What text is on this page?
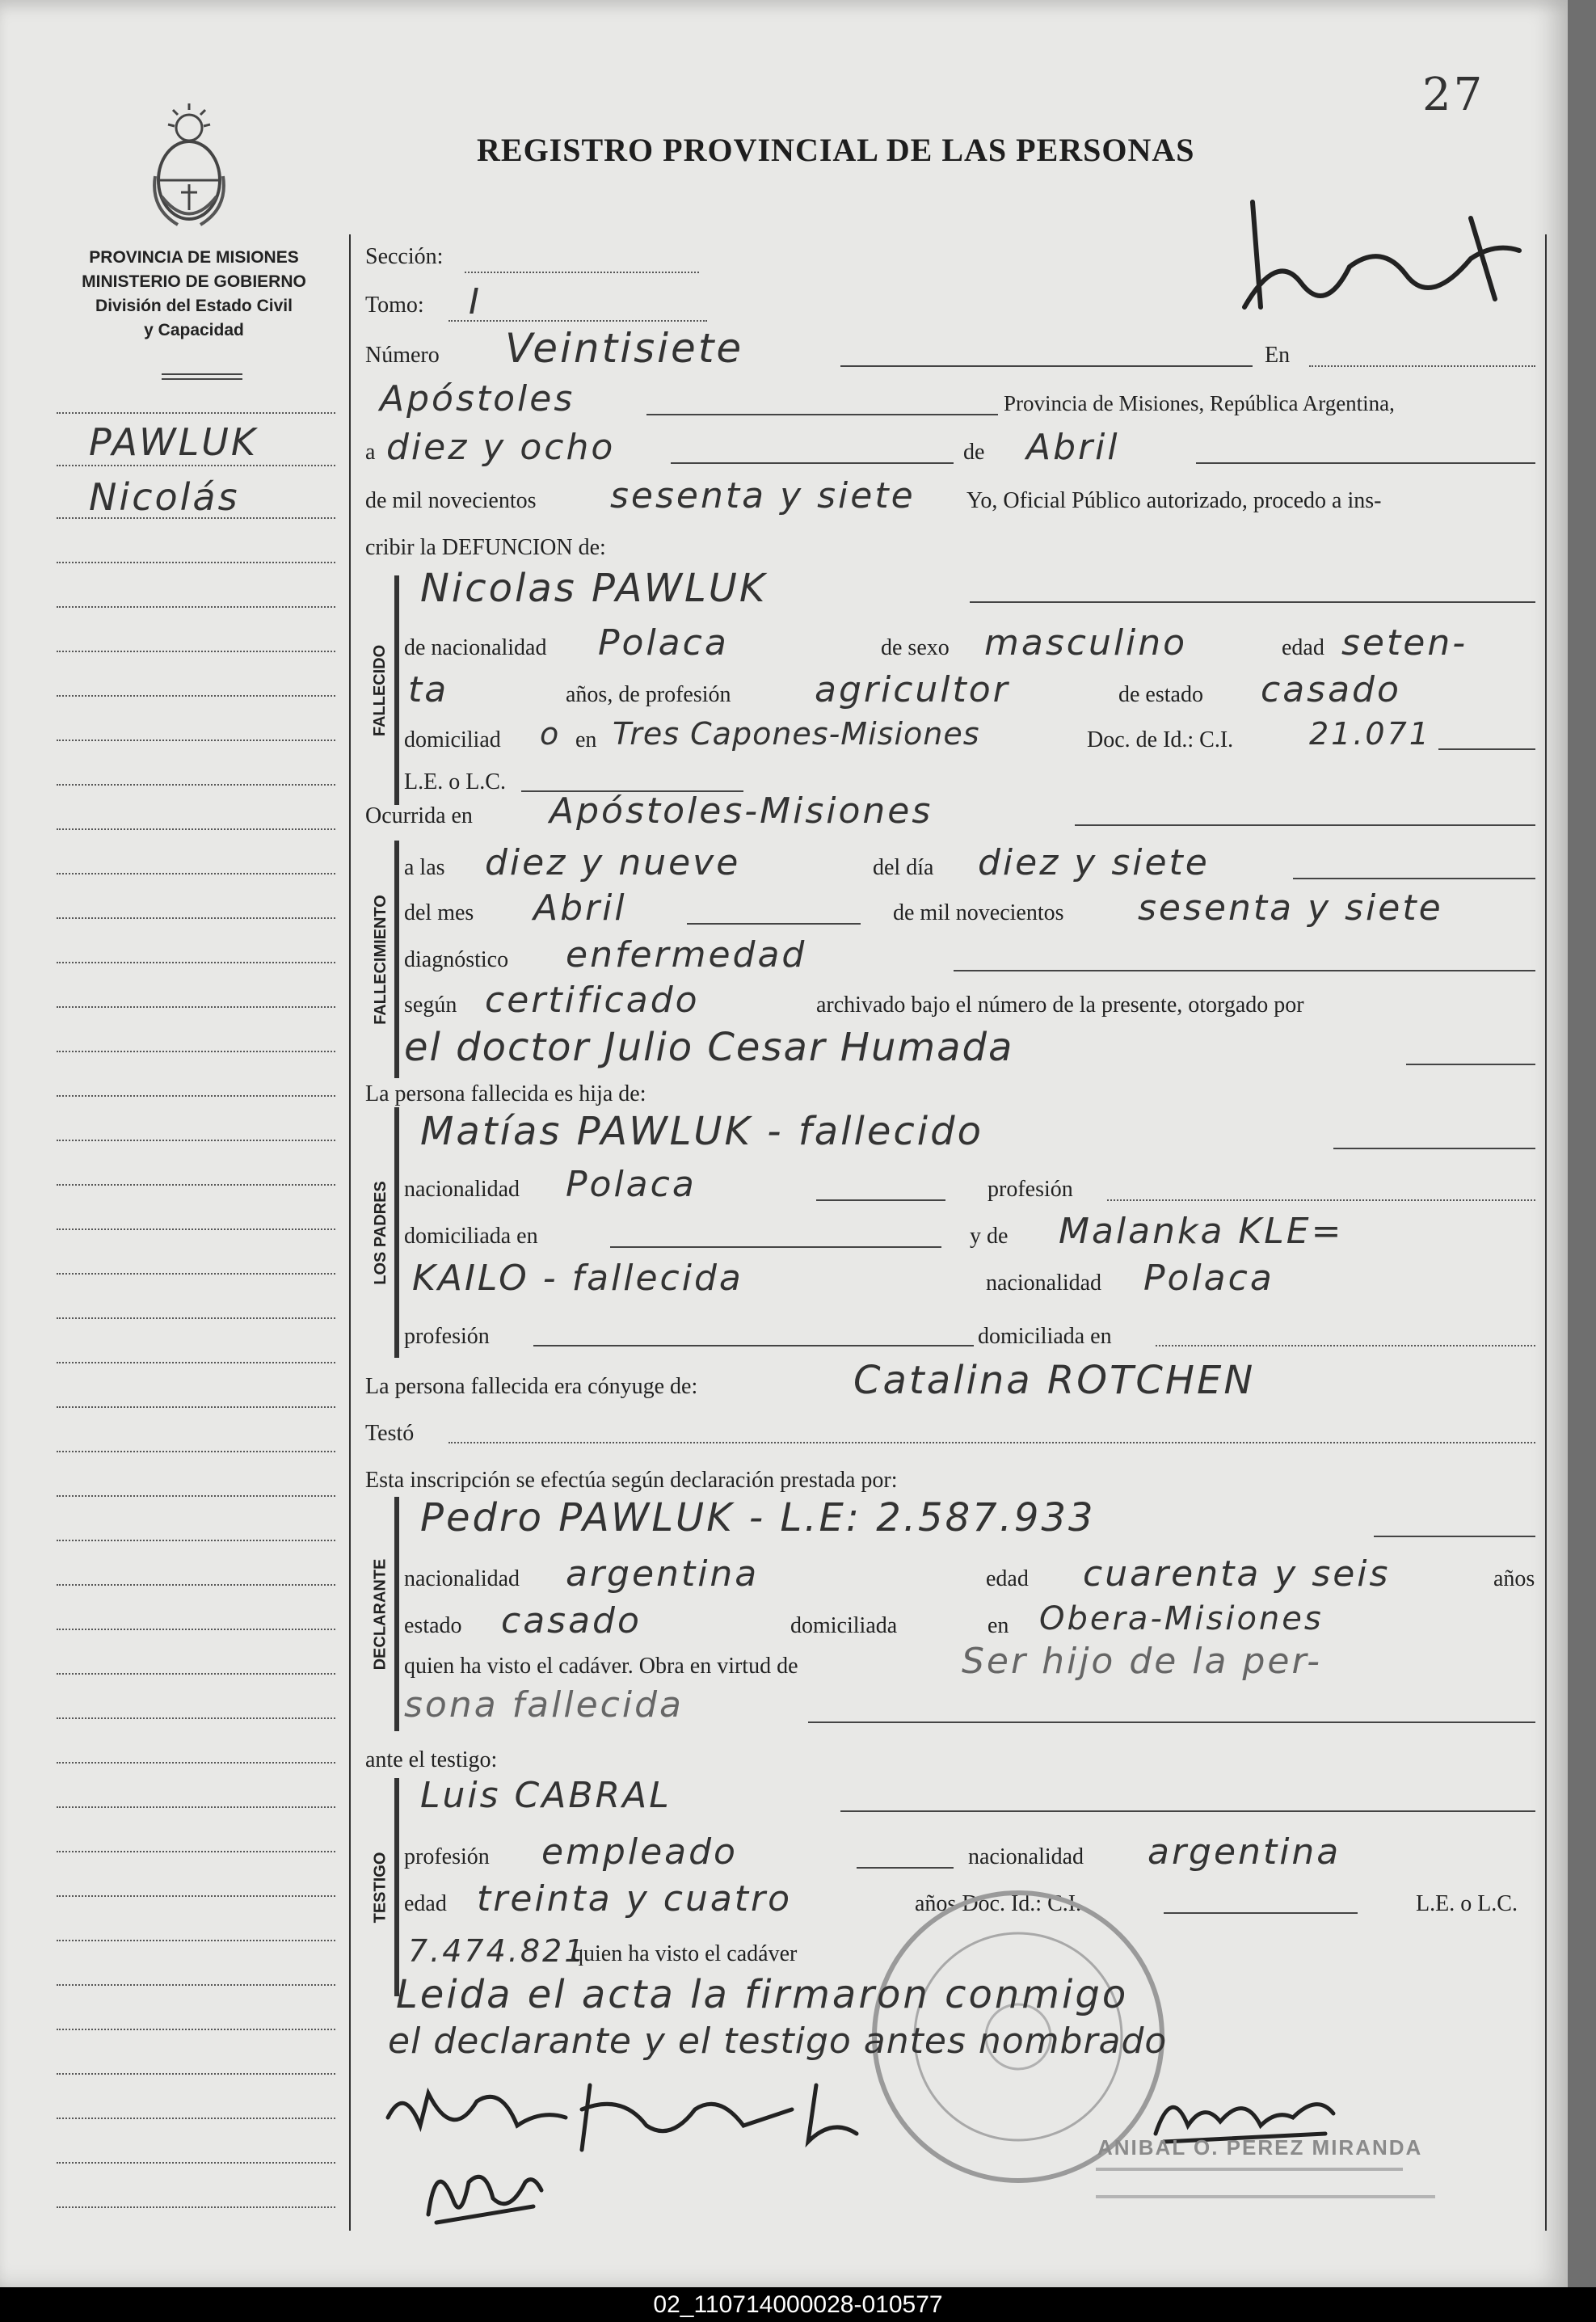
27
REGISTRO PROVINCIAL DE LAS PERSONAS
PROVINCIA DE MISIONES
MINISTERIO DE GOBIERNO
División del Estado Civil
y Capacidad
PAWLUK
Nicolás
Sección:
Tomo: I
Número Veintisiete	En
Apóstoles	Provincia de Misiones, República Argentina,
a diez y ocho	de Abril
de mil novecientos sesenta y siete Yo, Oficial Público autorizado, procedo a ins-
cribir la DEFUNCION de:
FALLECIDO
Nicolas PAWLUK
de nacionalidad Polaca	de sexo masculino	edad seten-
ta	años, de profesión agricultor	de estado casado
domiciliad o en Tres Capones-Misiones	Doc. de Id.: C.I. 21.071
L.E. o L.C.
Ocurrida en Apóstoles-Misiones
FALLECIMIENTO
a las diez y nueve	del día diez y siete
del mes Abril	de mil novecientos sesenta y siete
diagnóstico enfermedad
según certificado	archivado bajo el número de la presente, otorgado por
el doctor Julio Cesar Humada
La persona fallecida es hija de:
LOS PADRES
Matías PAWLUK - fallecido
nacionalidad Polaca	profesión
domiciliada en	y de Malanka KLE=
KAILO - fallecida	nacionalidad Polaca
profesión	domiciliada en
La persona fallecida era cónyuge de:	Catalina ROTCHEN
Testó
Esta inscripción se efectúa según declaración prestada por:
DECLARANTE
Pedro PAWLUK - L.E: 2.587.933
nacionalidad argentina	edad cuarenta y seis	años
estado casado	domiciliada	en Obera-Misiones
quien ha visto el cadáver. Obra en virtud de	Ser hijo de la per-
sona fallecida
ante el testigo:
TESTIGO
Luis CABRAL
profesión empleado	nacionalidad argentina
edad treinta y cuatro	años Doc. Id.: C.I.	L.E. o L.C.
7.474.821
quien ha visto el cadáver
Leida el acta la firmaron conmigo
el declarante y el testigo antes nombrado
ANIBAL O. PEREZ MIRANDA
02_110714000028-010577
